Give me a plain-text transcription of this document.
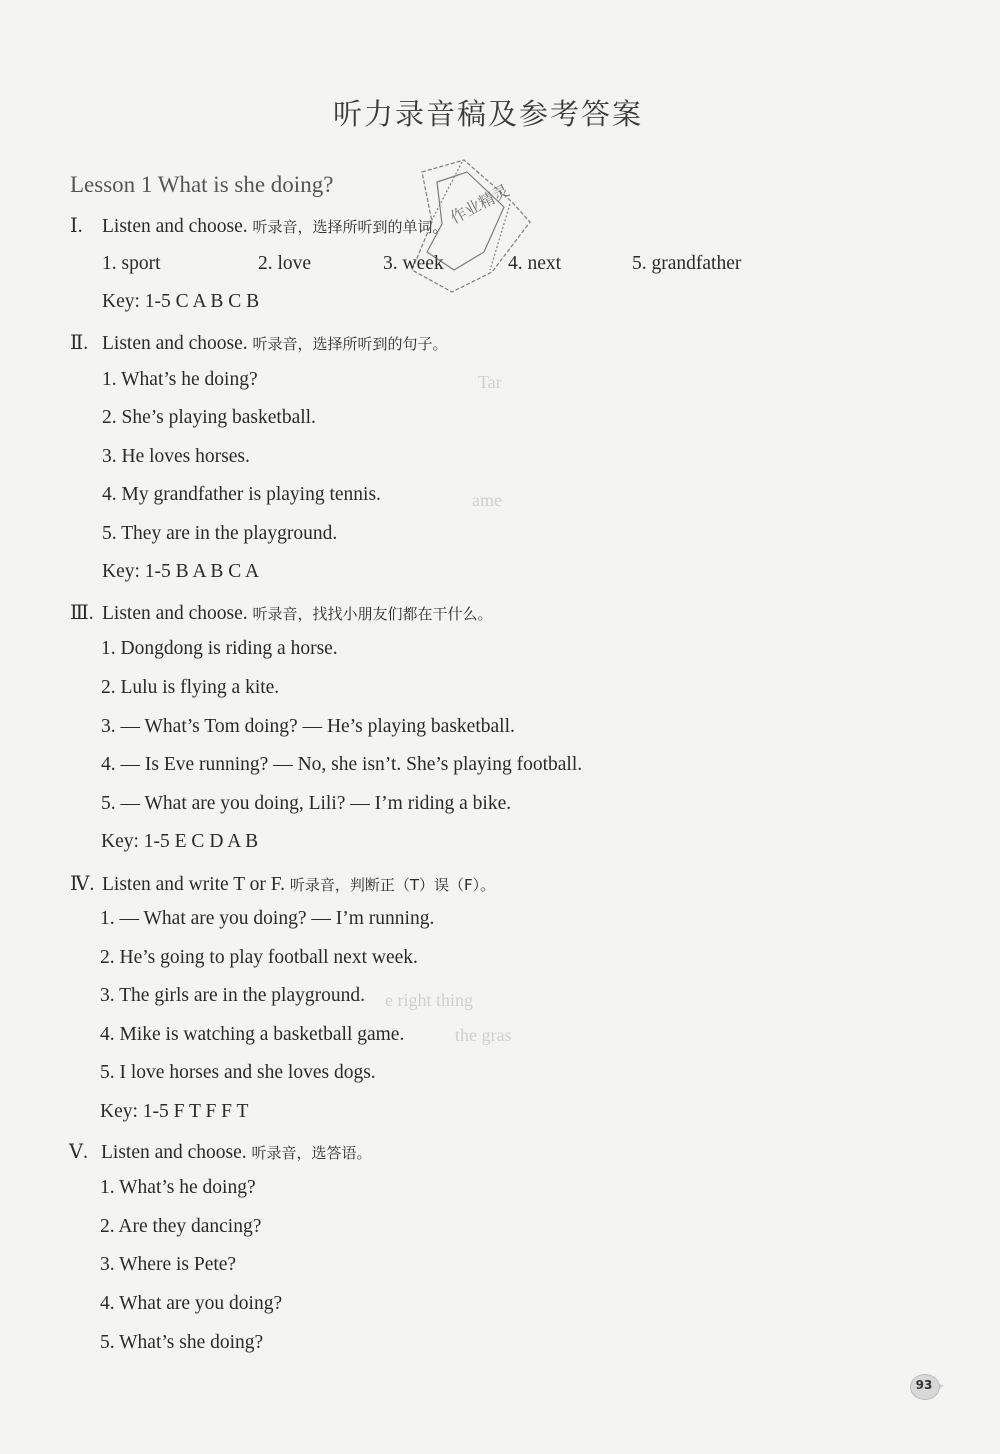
听力录音稿及参考答案
Lesson 1 What is she doing?
Ⅰ. Listen and choose. 听录音，选择所听到的单词。
1. sport	2. love	3. week	4. next	5. grandfather
Key: 1-5 C A B C B
Ⅱ. Listen and choose. 听录音，选择所听到的句子。
1. What’s he doing?
2. She’s playing basketball.
3. He loves horses.
4. My grandfather is playing tennis.
5. They are in the playground.
Key: 1-5 B A B C A
Ⅲ. Listen and choose. 听录音，找找小朋友们都在干什么。
1. Dongdong is riding a horse.
2. Lulu is flying a kite.
3. — What’s Tom doing? — He’s playing basketball.
4. — Is Eve running? — No, she isn’t. She’s playing football.
5. — What are you doing, Lili? — I’m riding a bike.
Key: 1-5 E C D A B
Ⅳ. Listen and write T or F. 听录音，判断正（T）误（F）。
1. — What are you doing? — I’m running.
2. He’s going to play football next week.
3. The girls are in the playground.
4. Mike is watching a basketball game.
5. I love horses and she loves dogs.
Key: 1-5 F T F F T
Ⅴ. Listen and choose. 听录音，选答语。
1. What’s he doing?
2. Are they dancing?
3. Where is Pete?
4. What are you doing?
5. What’s she doing?
作业精灵
Tar
ame
e right thing
the gras
93
